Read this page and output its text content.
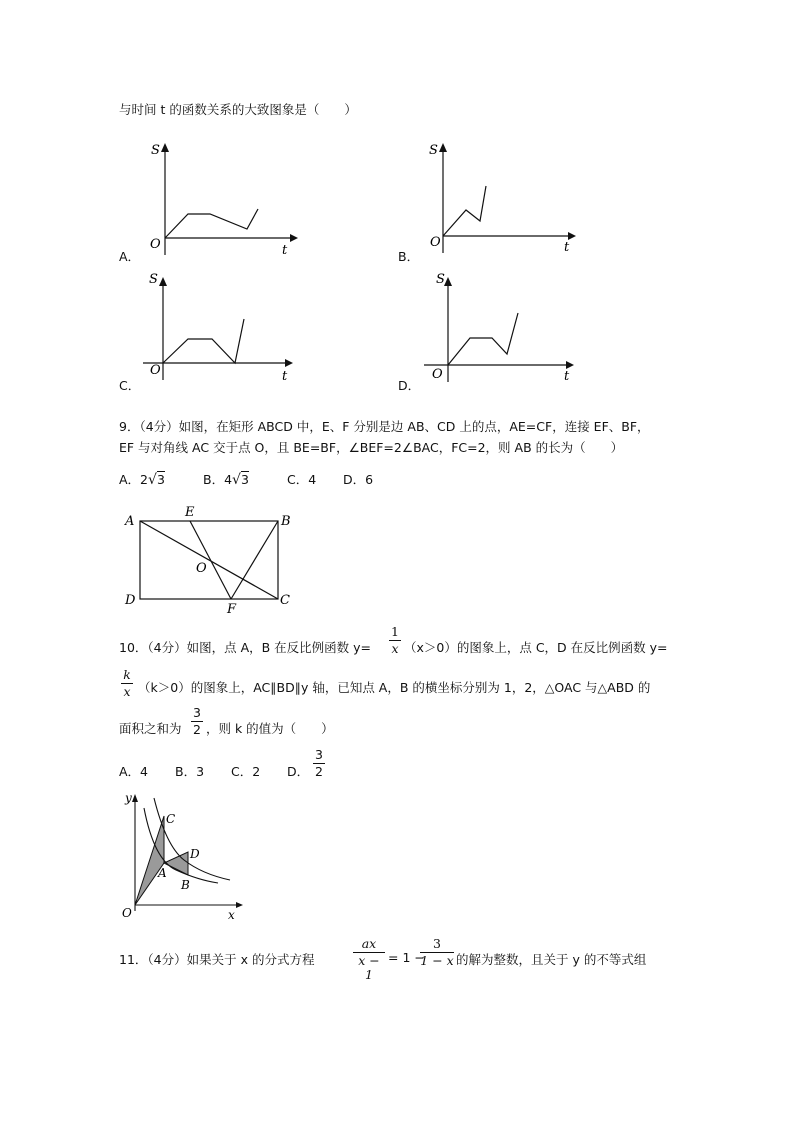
与时间 t 的函数关系的大致图象是（　　）
S
t
O
A．
S
t
O
B．
S
t
O
C．
S
t
O
D．
9．（4分）如图，在矩形 ABCD 中，E、F 分别是边 AB、CD 上的点，AE=CF，连接 EF、BF，
EF 与对角线 AC 交于点 O，且 BE=BF，∠BEF=2∠BAC，FC=2，则 AB 的长为（　　）
A．2√3	B．4√3	C．4 D．6
A
E
B
D
F
C
O
10．（4分）如图，点 A，B 在反比例函数 y=
1
x （x＞0）的图象上，点 C，D 在反比例函数 y=
k
x （k＞0）的图象上，AC∥BD∥y 轴，已知点 A，B 的横坐标分别为 1，2，△OAC 与△ABD 的
面积之和为
3
2 ，则 k 的值为（　　）
A．4 B．3 C．2 D．
3
2
y
x
O
C
D
A
B
11．（4分）如果关于 x 的分式方程
ax
x − 1
= 1 −
3
1 − x 的解为整数，且关于 y 的不等式组
